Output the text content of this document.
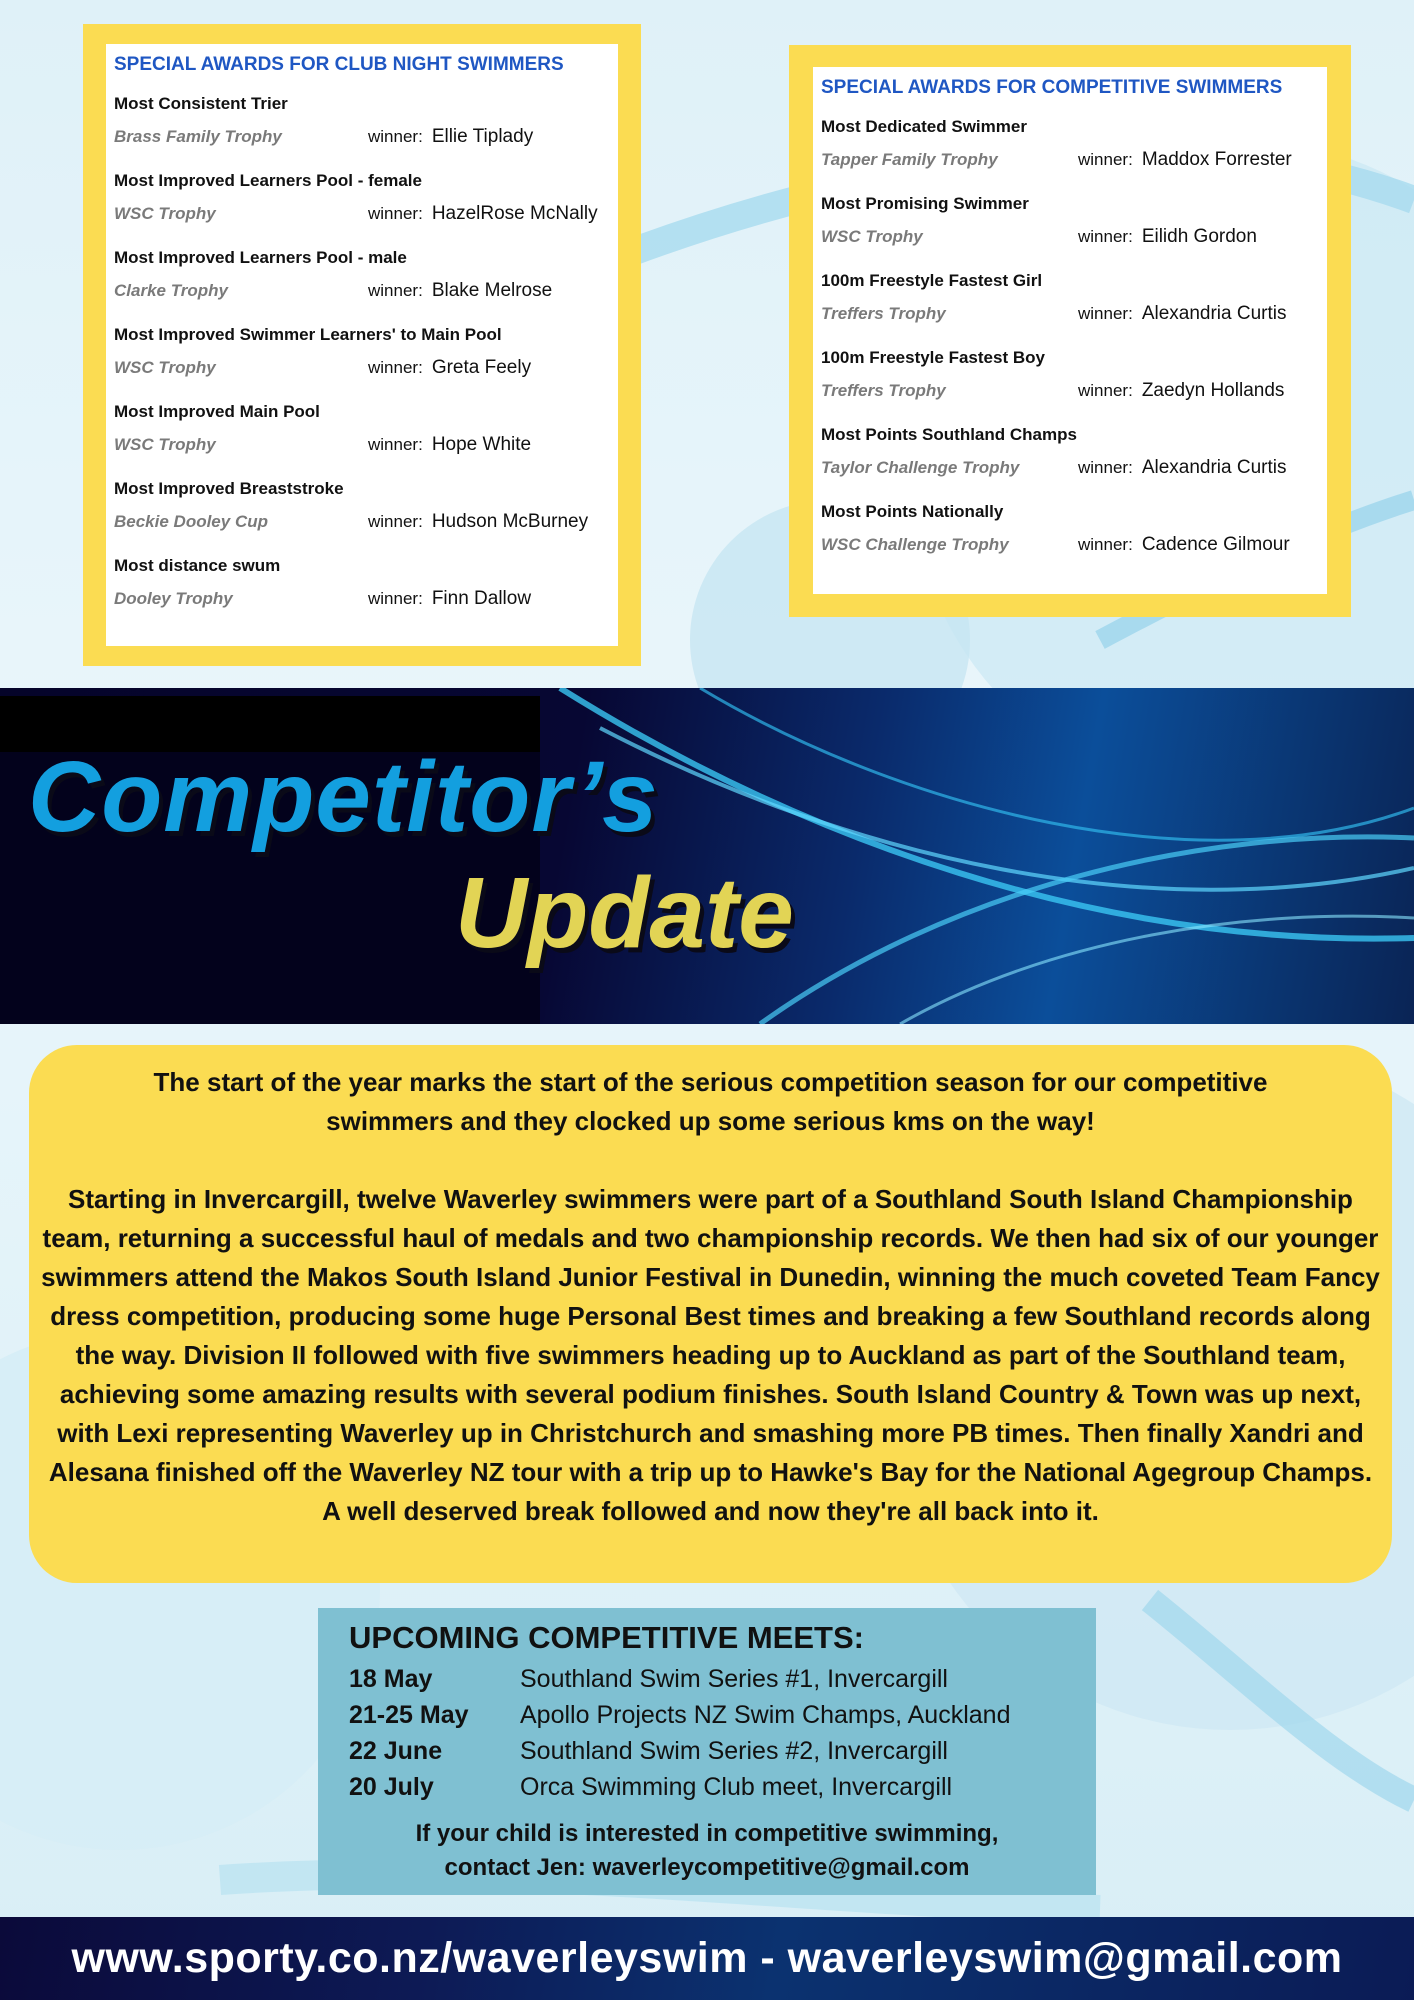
SPECIAL AWARDS FOR CLUB NIGHT SWIMMERS
Most Consistent Trier
Brass Family Trophy	winner: Ellie Tiplady
Most Improved Learners Pool - female
WSC Trophy	winner: HazelRose McNally
Most Improved Learners Pool - male
Clarke Trophy	winner: Blake Melrose
Most Improved Swimmer Learners' to Main Pool
WSC Trophy	winner: Greta Feely
Most Improved Main Pool
WSC Trophy	winner: Hope White
Most Improved Breaststroke
Beckie Dooley Cup	winner: Hudson McBurney
Most distance swum
Dooley Trophy	winner: Finn Dallow
SPECIAL AWARDS FOR COMPETITIVE SWIMMERS
Most Dedicated Swimmer
Tapper Family Trophy	winner: Maddox Forrester
Most Promising Swimmer
WSC Trophy	winner: Eilidh Gordon
100m Freestyle Fastest Girl
Treffers Trophy	winner: Alexandria Curtis
100m Freestyle Fastest Boy
Treffers Trophy	winner: Zaedyn Hollands
Most Points Southland Champs
Taylor Challenge Trophy	winner: Alexandria Curtis
Most Points Nationally
WSC Challenge Trophy	winner: Cadence Gilmour
Competitor’s
Update

The start of the year marks the start of the serious competition season for our competitive swimmers and they clocked up some serious kms on the way!

Starting in Invercargill, twelve Waverley swimmers were part of a Southland South Island Championship team, returning a successful haul of medals and two championship records. We then had six of our younger swimmers attend the Makos South Island Junior Festival in Dunedin, winning the much coveted Team Fancy dress competition, producing some huge Personal Best times and breaking a few Southland records along the way. Division II followed with five swimmers heading up to Auckland as part of the Southland team, achieving some amazing results with several podium finishes. South Island Country & Town was up next, with Lexi representing Waverley up in Christchurch and smashing more PB times. Then finally Xandri and Alesana finished off the Waverley NZ tour with a trip up to Hawke's Bay for the National Agegroup Champs. A well deserved break followed and now they're all back into it.

UPCOMING COMPETITIVE MEETS:
18 May	Southland Swim Series #1, Invercargill
21-25 May	Apollo Projects NZ Swim Champs, Auckland
22 June	Southland Swim Series #2, Invercargill
20 July	Orca Swimming Club meet, Invercargill
If your child is interested in competitive swimming,
contact Jen: waverleycompetitive@gmail.com
www.sporty.co.nz/waverleyswim - waverleyswim@gmail.com
